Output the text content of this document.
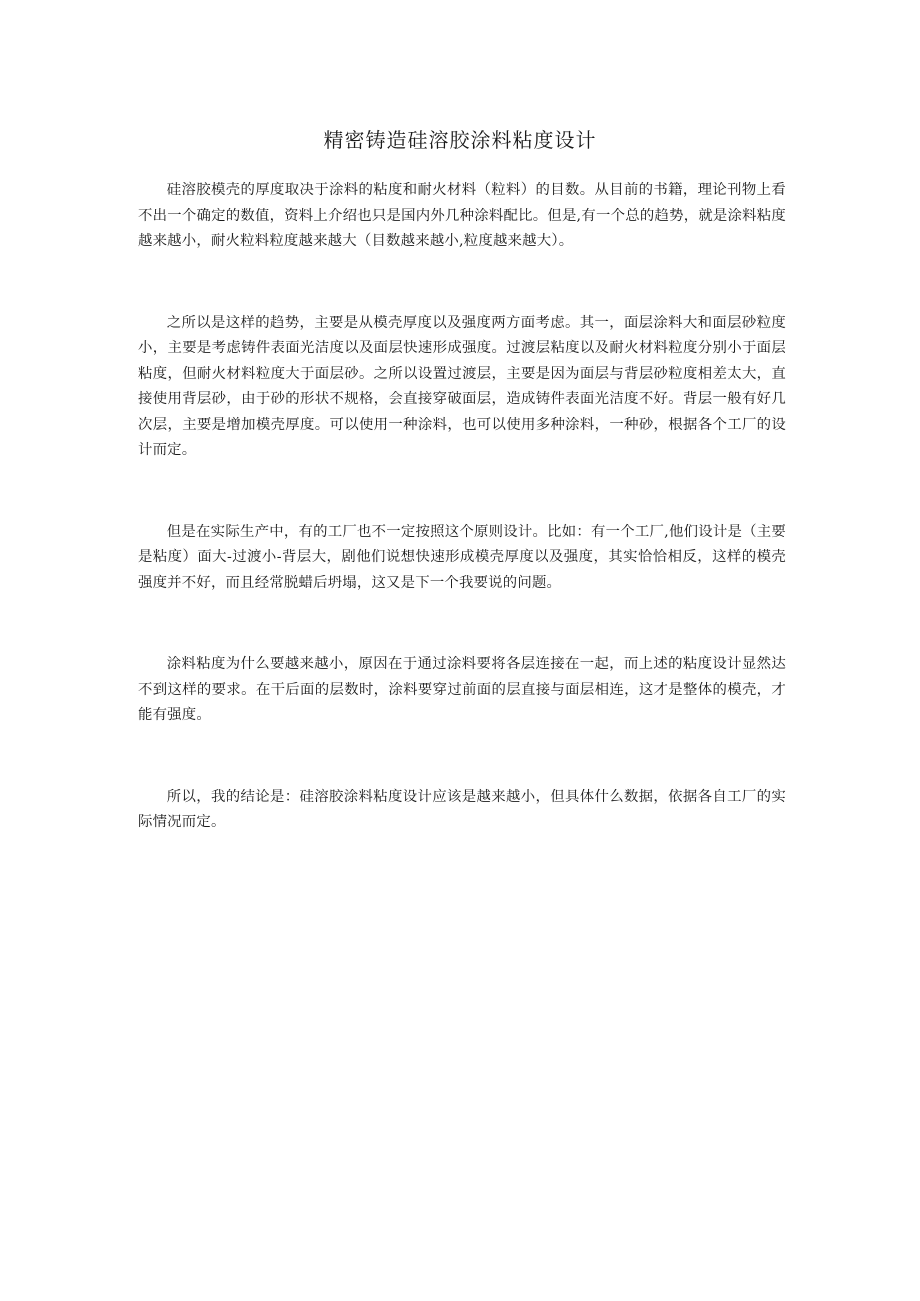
精密铸造硅溶胶涂料粘度设计

硅溶胶模壳的厚度取决于涂料的粘度和耐火材料（粒料）的目数。从目前的书籍，理论刊物上看不出一个确定的数值，资料上介绍也只是国内外几种涂料配比。但是,有一个总的趋势，就是涂料粘度越来越小，耐火粒料粒度越来越大（目数越来越小,粒度越来越大）。

之所以是这样的趋势，主要是从模壳厚度以及强度两方面考虑。其一，面层涂料大和面层砂粒度小，主要是考虑铸件表面光洁度以及面层快速形成强度。过渡层粘度以及耐火材料粒度分别小于面层粘度，但耐火材料粒度大于面层砂。之所以设置过渡层，主要是因为面层与背层砂粒度相差太大，直接使用背层砂，由于砂的形状不规格，会直接穿破面层，造成铸件表面光洁度不好。背层一般有好几次层，主要是增加模壳厚度。可以使用一种涂料，也可以使用多种涂料，一种砂，根据各个工厂的设计而定。

但是在实际生产中，有的工厂也不一定按照这个原则设计。比如：有一个工厂,他们设计是（主要是粘度）面大-过渡小-背层大，剧他们说想快速形成模壳厚度以及强度，其实恰恰相反，这样的模壳强度并不好，而且经常脱蜡后坍塌，这又是下一个我要说的问题。

涂料粘度为什么要越来越小，原因在于通过涂料要将各层连接在一起，而上述的粘度设计显然达不到这样的要求。在干后面的层数时，涂料要穿过前面的层直接与面层相连，这才是整体的模壳，才能有强度。

所以，我的结论是：硅溶胶涂料粘度设计应该是越来越小，但具体什么数据，依据各自工厂的实际情况而定。
